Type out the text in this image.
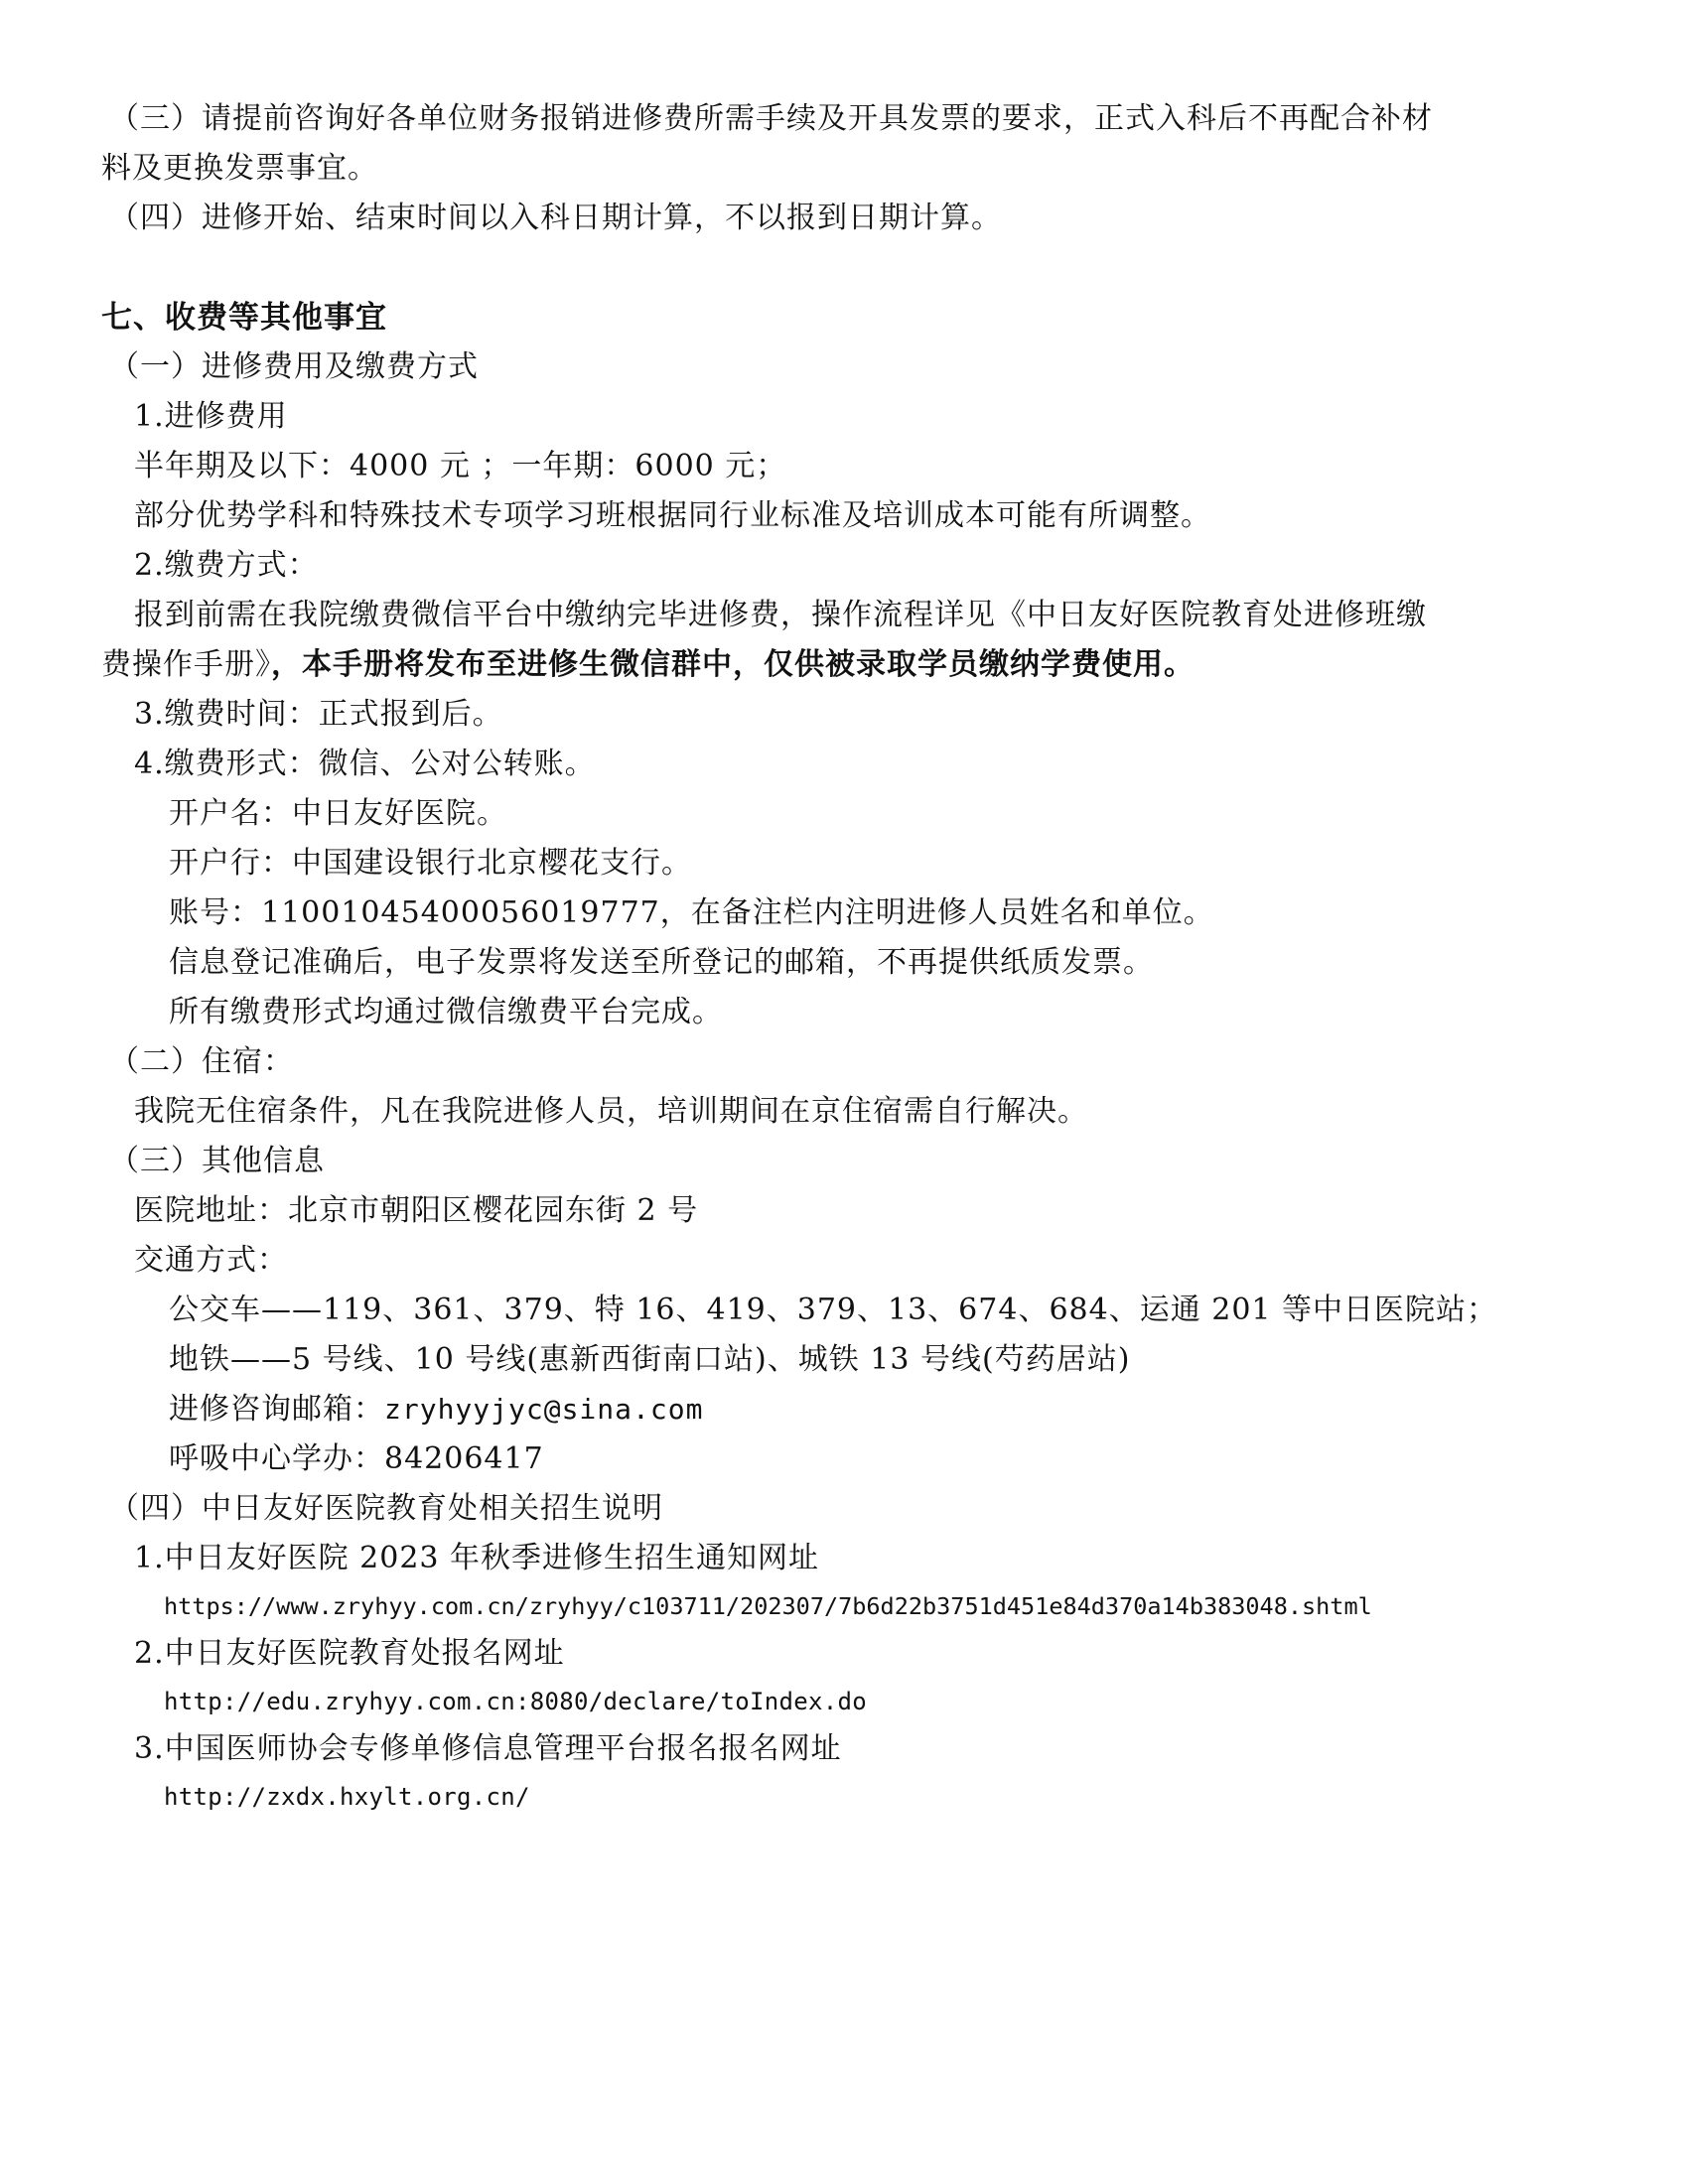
（三）请提前咨询好各单位财务报销进修费所需手续及开具发票的要求，正式入科后不再配合补材
料及更换发票事宜。
（四）进修开始、结束时间以入科日期计算，不以报到日期计算。
七、收费等其他事宜
（一）进修费用及缴费方式
1.进修费用
半年期及以下：4000 元 ；一年期：6000 元；
部分优势学科和特殊技术专项学习班根据同行业标准及培训成本可能有所调整。
2.缴费方式：
报到前需在我院缴费微信平台中缴纳完毕进修费，操作流程详见《中日友好医院教育处进修班缴
费操作手册》，本手册将发布至进修生微信群中，仅供被录取学员缴纳学费使用。
3.缴费时间：正式报到后。
4.缴费形式：微信、公对公转账。
开户名：中日友好医院。
开户行：中国建设银行北京樱花支行。
账号：11001045400056019777，在备注栏内注明进修人员姓名和单位。
信息登记准确后，电子发票将发送至所登记的邮箱，不再提供纸质发票。
所有缴费形式均通过微信缴费平台完成。
（二）住宿：
我院无住宿条件，凡在我院进修人员，培训期间在京住宿需自行解决。
（三）其他信息
医院地址：北京市朝阳区樱花园东街 2 号
交通方式：
公交车——119、361、379、特 16、419、379、13、674、684、运通 201 等中日医院站；
地铁——5 号线、10 号线(惠新西街南口站)、城铁 13 号线(芍药居站)
进修咨询邮箱：zryhyyjyc@sina.com
呼吸中心学办：84206417
（四）中日友好医院教育处相关招生说明
1.中日友好医院 2023 年秋季进修生招生通知网址
https://www.zryhyy.com.cn/zryhyy/c103711/202307/7b6d22b3751d451e84d370a14b383048.shtml
2.中日友好医院教育处报名网址
http://edu.zryhyy.com.cn:8080/declare/toIndex.do
3.中国医师协会专修单修信息管理平台报名报名网址
http://zxdx.hxylt.org.cn/
